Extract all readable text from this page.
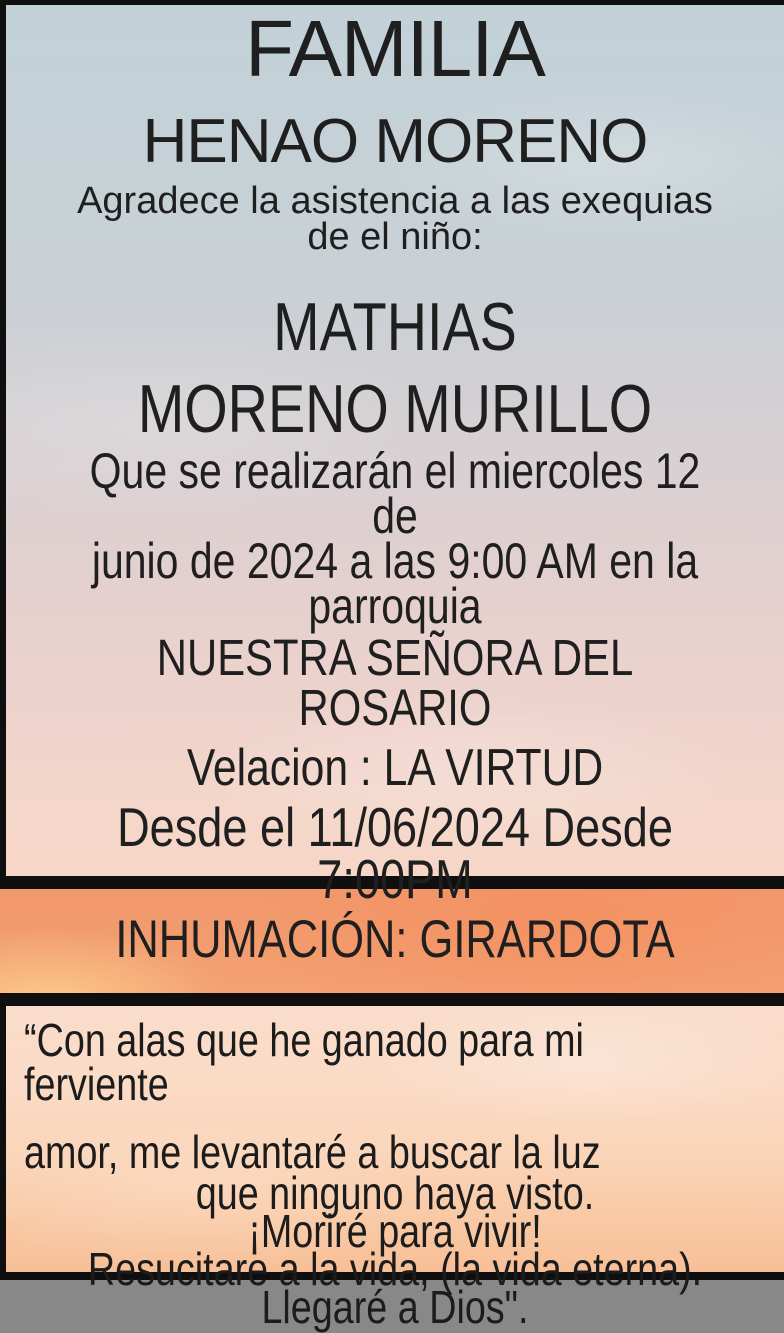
FAMILIA
HENAO MORENO
Agradece la asistencia a las exequias
de el niño:
MATHIAS
MORENO MURILLO
Que se realizarán el miercoles 12 de
junio de 2024 a las 9:00 AM en la
parroquia
NUESTRA SEÑORA DEL ROSARIO
Velacion : LA VIRTUD
Desde el 11/06/2024 Desde 7:00PM
INHUMACIÓN: GIRARDOTA
“Con alas que he ganado para mi ferviente
amor, me levantaré a buscar la luz
que ninguno haya visto.
¡Moriré para vivir!
Resucitare a la vida, (la vida eterna).
Llegaré a Dios".
